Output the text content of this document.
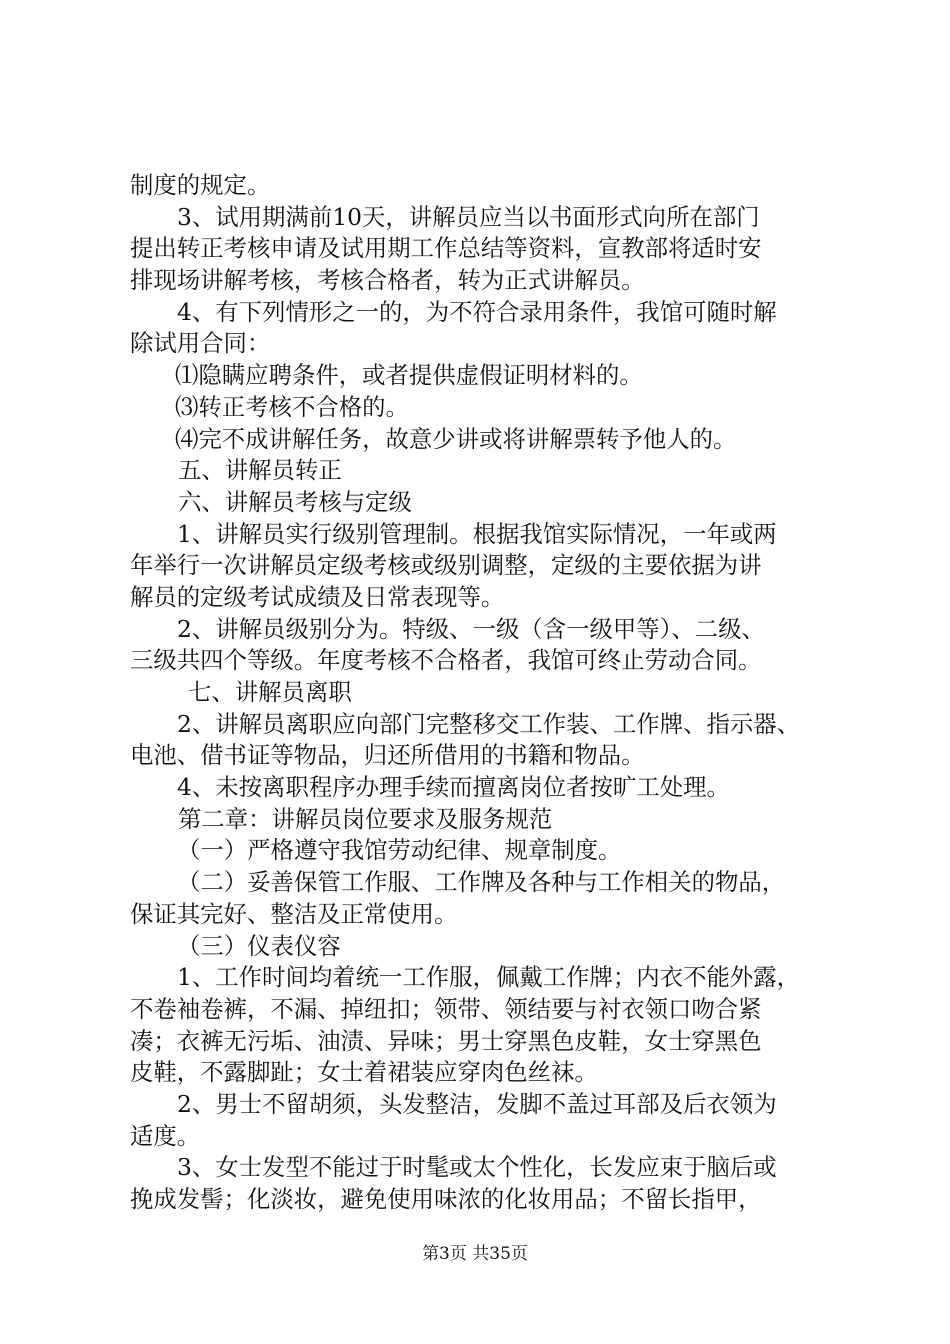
制度的规定。
3、试用期满前10天，讲解员应当以书面形式向所在部门
提出转正考核申请及试用期工作总结等资料，宣教部将适时安
排现场讲解考核，考核合格者，转为正式讲解员。
4、有下列情形之一的，为不符合录用条件，我馆可随时解
除试用合同：
⑴隐瞒应聘条件，或者提供虚假证明材料的。
⑶转正考核不合格的。
⑷完不成讲解任务，故意少讲或将讲解票转予他人的。
五、讲解员转正
六、讲解员考核与定级
1、讲解员实行级别管理制。根据我馆实际情况，一年或两
年举行一次讲解员定级考核或级别调整，定级的主要依据为讲
解员的定级考试成绩及日常表现等。
2、讲解员级别分为。特级、一级（含一级甲等）、二级、
三级共四个等级。年度考核不合格者，我馆可终止劳动合同。
七、讲解员离职
2、讲解员离职应向部门完整移交工作装、工作牌、指示器、
电池、借书证等物品，归还所借用的书籍和物品。
4、未按离职程序办理手续而擅离岗位者按旷工处理。
第二章：讲解员岗位要求及服务规范
（一）严格遵守我馆劳动纪律、规章制度。
（二）妥善保管工作服、工作牌及各种与工作相关的物品，
保证其完好、整洁及正常使用。
（三）仪表仪容
1、工作时间均着统一工作服，佩戴工作牌；内衣不能外露，
不卷袖卷裤，不漏、掉纽扣；领带、领结要与衬衣领口吻合紧
凑；衣裤无污垢、油渍、异味；男士穿黑色皮鞋，女士穿黑色
皮鞋，不露脚趾；女士着裙装应穿肉色丝袜。
2、男士不留胡须，头发整洁，发脚不盖过耳部及后衣领为
适度。
3、女士发型不能过于时髦或太个性化，长发应束于脑后或
挽成发髻；化淡妆，避免使用味浓的化妆用品；不留长指甲，
第3页 共35页
